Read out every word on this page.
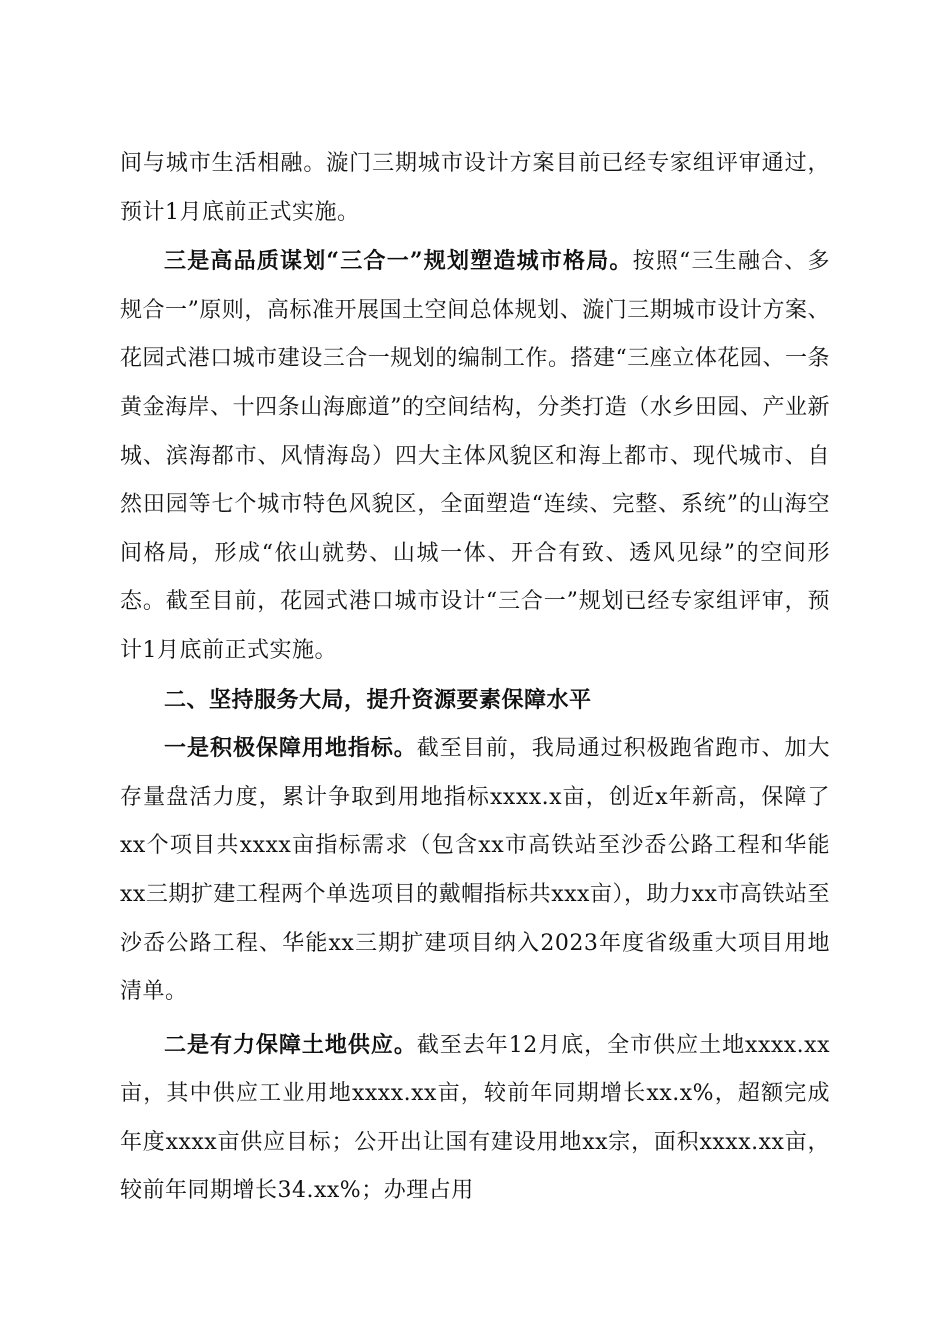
间与城市生活相融。漩门三期城市设计方案目前已经专家组评审通过，预计1月底前正式实施。

三是高品质谋划“三合一”规划塑造城市格局。按照“三生融合、多规合一”原则，高标准开展国土空间总体规划、漩门三期城市设计方案、花园式港口城市建设三合一规划的编制工作。搭建“三座立体花园、一条黄金海岸、十四条山海廊道”的空间结构，分类打造（水乡田园、产业新城、滨海都市、风情海岛）四大主体风貌区和海上都市、现代城市、自然田园等七个城市特色风貌区，全面塑造“连续、完整、系统”的山海空间格局，形成“依山就势、山城一体、开合有致、透风见绿”的空间形态。截至目前，花园式港口城市设计“三合一”规划已经专家组评审，预计1月底前正式实施。

二、坚持服务大局，提升资源要素保障水平

一是积极保障用地指标。截至目前，我局通过积极跑省跑市、加大存量盘活力度，累计争取到用地指标xxxx.x亩，创近x年新高，保障了xx个项目共xxxx亩指标需求（包含xx市高铁站至沙岙公路工程和华能xx三期扩建工程两个单选项目的戴帽指标共xxx亩），助力xx市高铁站至沙岙公路工程、华能xx三期扩建项目纳入2023年度省级重大项目用地清单。

二是有力保障土地供应。截至去年12月底，全市供应土地xxxx.xx亩，其中供应工业用地xxxx.xx亩，较前年同期增长xx.x%，超额完成年度xxxx亩供应目标；公开出让国有建设用地xx宗，面积xxxx.xx亩，较前年同期增长34.xx%；办理占用
